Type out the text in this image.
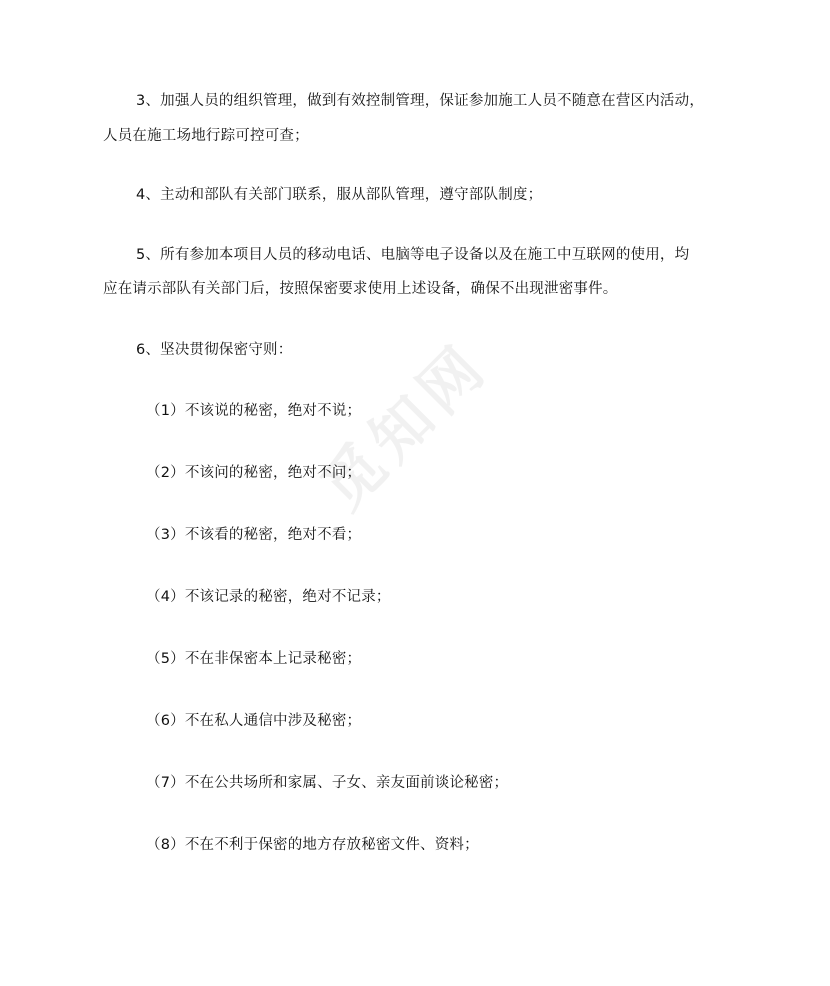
觅知网
3、加强人员的组织管理，做到有效控制管理，保证参加施工人员不随意在营区内活动，
人员在施工场地行踪可控可查；
4、主动和部队有关部门联系，服从部队管理，遵守部队制度；
5、所有参加本项目人员的移动电话、电脑等电子设备以及在施工中互联网的使用，均
应在请示部队有关部门后，按照保密要求使用上述设备，确保不出现泄密事件。
6、坚决贯彻保密守则：
（1）不该说的秘密，绝对不说；
（2）不该问的秘密，绝对不问；
（3）不该看的秘密，绝对不看；
（4）不该记录的秘密，绝对不记录；
（5）不在非保密本上记录秘密；
（6）不在私人通信中涉及秘密；
（7）不在公共场所和家属、子女、亲友面前谈论秘密；
（8）不在不利于保密的地方存放秘密文件、资料；
